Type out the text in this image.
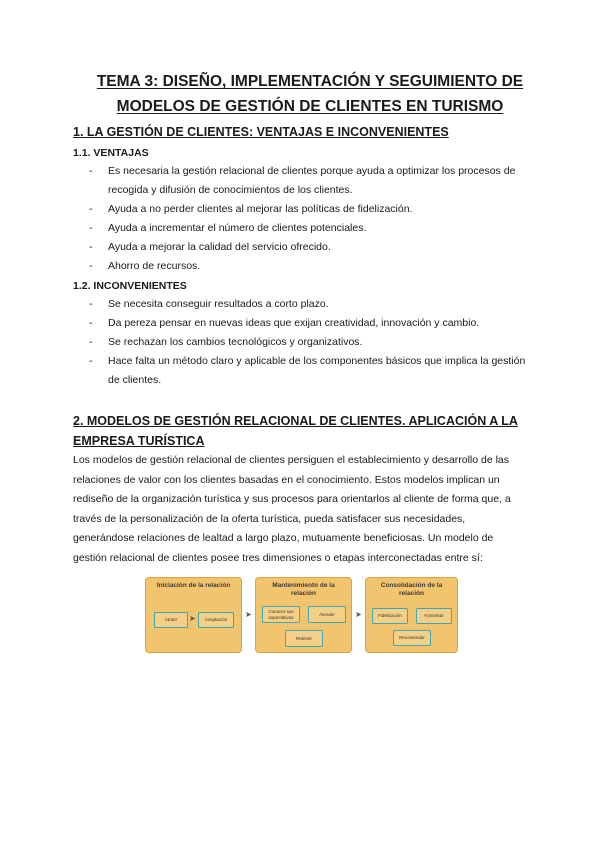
TEMA 3: DISEÑO, IMPLEMENTACIÓN Y SEGUIMIENTO DE
MODELOS DE GESTIÓN DE CLIENTES EN TURISMO
1. LA GESTIÓN DE CLIENTES: VENTAJAS E INCONVENIENTES
1.1. VENTAJAS
- Es necesaria la gestión relacional de clientes porque ayuda a optimizar los procesos de recogida y difusión de conocimientos de los clientes.
- Ayuda a no perder clientes al mejorar las políticas de fidelización.
- Ayuda a incrementar el número de clientes potenciales.
- Ayuda a mejorar la calidad del servicio ofrecido.
- Ahorro de recursos.
1.2. INCONVENIENTES
- Se necesita conseguir resultados a corto plazo.
- Da pereza pensar en nuevas ideas que exijan creatividad, innovación y cambio.
- Se rechazan los cambios tecnológicos y organizativos.
- Hace falta un método claro y aplicable de los componentes básicos que implica la gestión de clientes.
2. MODELOS DE GESTIÓN RELACIONAL DE CLIENTES. APLICACIÓN A LA
EMPRESA TURÍSTICA

Los modelos de gestión relacional de clientes persiguen el establecimiento y desarrollo de las relaciones de valor con los clientes basadas en el conocimiento. Estos modelos implican un rediseño de la organización turística y sus procesos para orientarlos al cliente de forma que, a través de la personalización de la oferta turística, pueda satisfacer sus necesidades, generándose relaciones de lealtad a largo plazo, mutuamente beneficiosas. Un modelo de gestión relacional de clientes posee tres dimensiones o etapas interconectadas entre sí:

Iniciación de la relación
Atraer	Aceptación
➤	➤
Mantenimiento de la relación
Conocer sus expectativas
Atender
Retener
➤
Consolidación de la relación
Fidelización	Fomentar
Recomendar
